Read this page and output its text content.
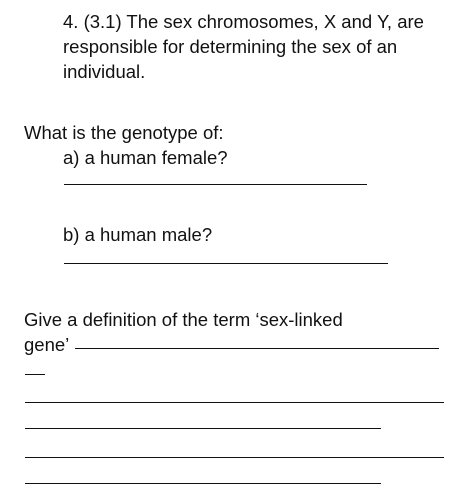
4. (3.1) The sex chromosomes, X and Y, are

responsible for determining the sex of an

individual.

What is the genotype of:

a) a human female?

b) a human male?

Give a definition of the term ‘sex-linked

gene’
